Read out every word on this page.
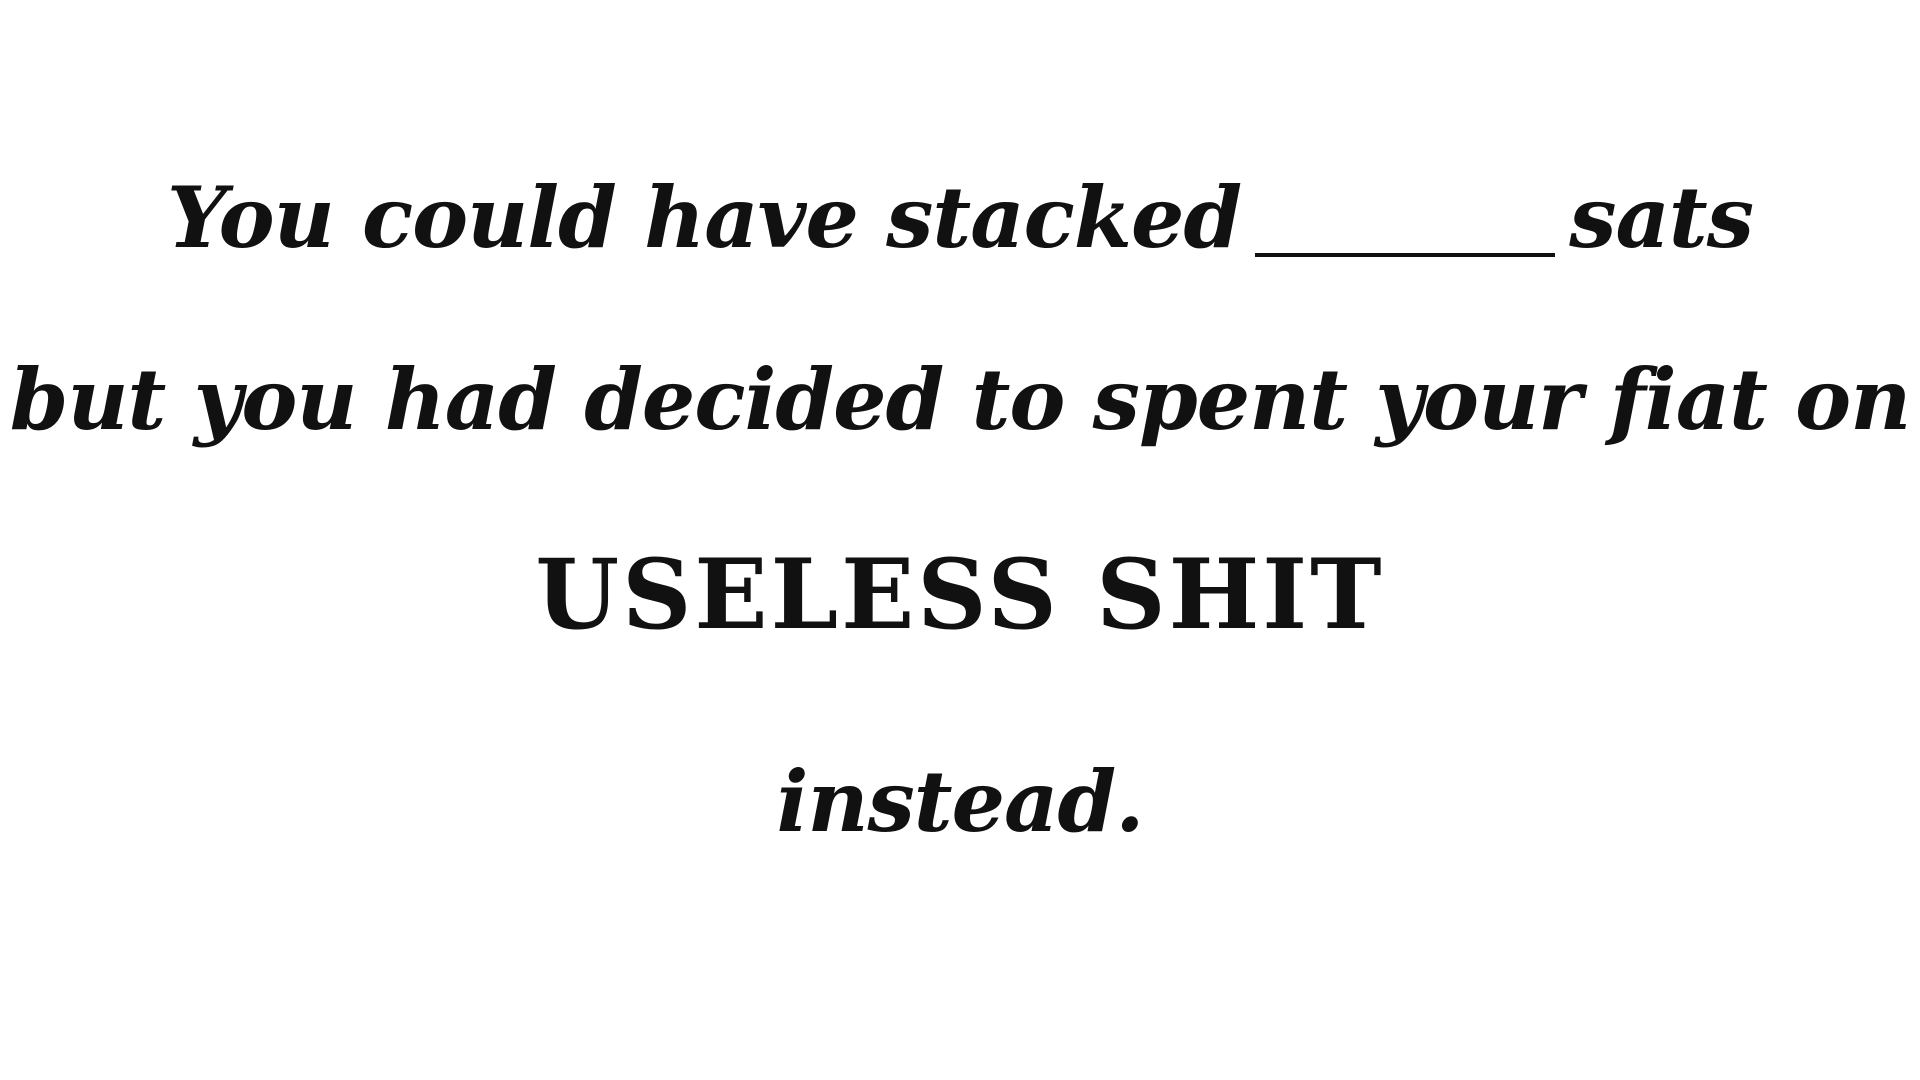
You could have stacked	sats
but you had decided to spent your fiat on
USELESS SHIT
instead.
